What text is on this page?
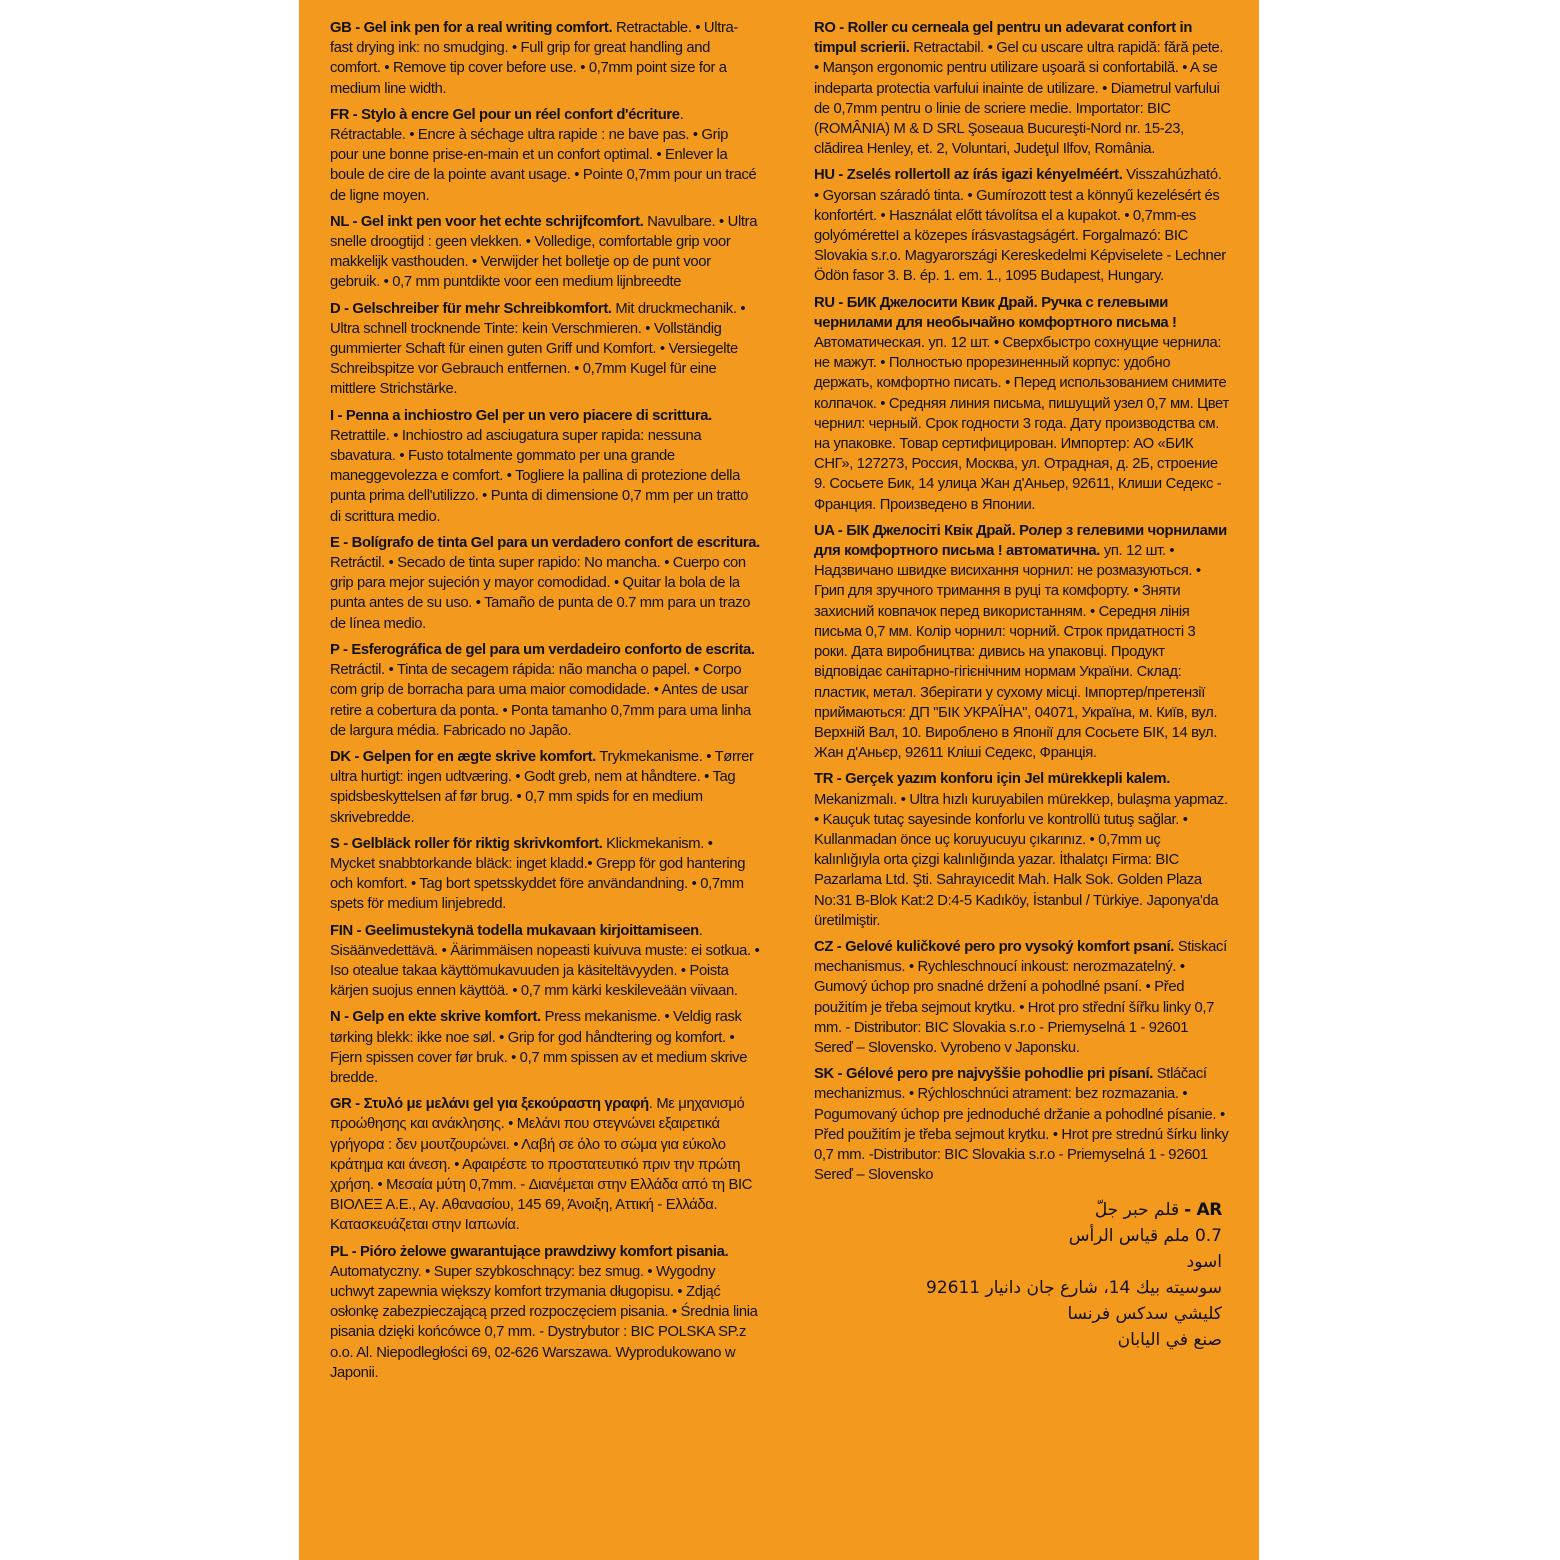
GB - Gel ink pen for a real writing comfort. Retractable. • Ultra-fast drying ink: no smudging. • Full grip for great handling and comfort. • Remove tip cover before use. • 0,7mm point size for a medium line width.

FR - Stylo à encre Gel pour un réel confort d'écriture. Rétractable. • Encre à séchage ultra rapide : ne bave pas. • Grip pour une bonne prise-en-main et un confort optimal. • Enlever la boule de cire de la pointe avant usage. • Pointe 0,7mm pour un tracé de ligne moyen.

NL - Gel inkt pen voor het echte schrijfcomfort. Navulbare. • Ultra snelle droogtijd : geen vlekken. • Volledige, comfortable grip voor makkelijk vasthouden. • Verwijder het bolletje op de punt voor gebruik. • 0,7 mm puntdikte voor een medium lijnbreedte

D - Gelschreiber für mehr Schreibkomfort. Mit druckmechanik. • Ultra schnell trocknende Tinte: kein Verschmieren. • Vollständig gummierter Schaft für einen guten Griff und Komfort. • Versiegelte Schreibspitze vor Gebrauch entfernen. • 0,7mm Kugel für eine mittlere Strichstärke.

I - Penna a inchiostro Gel per un vero piacere di scrittura. Retrattile. • Inchiostro ad asciugatura super rapida: nessuna sbavatura. • Fusto totalmente gommato per una grande maneggevolezza e comfort. • Togliere la pallina di protezione della punta prima dell'utilizzo. • Punta di dimensione 0,7 mm per un tratto di scrittura medio.

E - Bolígrafo de tinta Gel para un verdadero confort de escritura. Retráctil. • Secado de tinta super rapido: No mancha. • Cuerpo con grip para mejor sujeción y mayor comodidad. • Quitar la bola de la punta antes de su uso. • Tamaño de punta de 0.7 mm para un trazo de línea medio.

P - Esferográfica de gel para um verdadeiro conforto de escrita. Retráctil. • Tinta de secagem rápida: não mancha o papel. • Corpo com grip de borracha para uma maior comodidade. • Antes de usar retire a cobertura da ponta. • Ponta tamanho 0,7mm para uma linha de largura média. Fabricado no Japão.

DK - Gelpen for en ægte skrive komfort. Trykmekanisme. • Tørrer ultra hurtigt: ingen udtværing. • Godt greb, nem at håndtere. • Tag spidsbeskyttelsen af før brug. • 0,7 mm spids for en medium skrivebredde.

S - Gelbläck roller för riktig skrivkomfort. Klickmekanism. • Mycket snabbtorkande bläck: inget kladd.• Grepp för god hantering och komfort. • Tag bort spetsskyddet före användandning. • 0,7mm spets för medium linjebredd.

FIN - Geelimustekynä todella mukavaan kirjoittamiseen. Sisäänvedettävä. • Äärimmäisen nopeasti kuivuva muste: ei sotkua. • Iso otealue takaa käyttömukavuuden ja käsiteltävyyden. • Poista kärjen suojus ennen käyttöä. • 0,7 mm kärki keskileveään viivaan.

N - Gelp en ekte skrive komfort. Press mekanisme. • Veldig rask tørking blekk: ikke noe søl. • Grip for god håndtering og komfort. • Fjern spissen cover før bruk. • 0,7 mm spissen av et medium skrive bredde.

GR - Στυλό με μελάνι gel για ξεκούραστη γραφή. Με μηχανισμό προώθησης και ανάκλησης. • Μελάνι που στεγνώνει εξαιρετικά γρήγορα : δεν μουτζουρώνει. • Λαβή σε όλο το σώμα για εύκολο κράτημα και άνεση. • Αφαιρέστε το προστατευτικό πριν την πρώτη χρήση. • Μεσαία μύτη 0,7mm. - Διανέμεται στην Ελλάδα από τη BIC ΒΙΟΛΕΞ Α.Ε., Αγ. Αθανασίου, 145 69, Άνοιξη, Αττική - Ελλάδα. Κατασκευάζεται στην Ιαπωνία.

PL - Pióro żelowe gwarantujące prawdziwy komfort pisania. Automatyczny. • Super szybkoschnący: bez smug. • Wygodny uchwyt zapewnia większy komfort trzymania długopisu. • Zdjąć osłonkę zabezpieczającą przed rozpoczęciem pisania. • Średnia linia pisania dzięki końcówce 0,7 mm. - Dystrybutor : BIC POLSKA SP.z o.o. Al. Niepodległości 69, 02-626 Warszawa. Wyprodukowano w Japonii.

RO - Roller cu cerneala gel pentru un adevarat confort in timpul scrierii. Retractabil. • Gel cu uscare ultra rapidă: fără pete. • Manşon ergonomic pentru utilizare uşoară si confortabilă. • A se indeparta protectia varfului inainte de utilizare. • Diametrul varfului de 0,7mm pentru o linie de scriere medie. Importator: BIC (ROMÂNIA) M & D SRL Şoseaua Bucureşti-Nord nr. 15-23, clădirea Henley, et. 2, Voluntari, Judeţul Ilfov, România.

HU - Zselés rollertoll az írás igazi kényelméért. Visszahúzható. • Gyorsan száradó tinta. • Gumírozott test a könnyű kezelésért és konfortért. • Használat előtt távolítsa el a kupakot. • 0,7mm-es golyóméretteI a közepes írásvastagságért. Forgalmazó: BIC Slovakia s.r.o. Magyarországi Kereskedelmi Képviselete - Lechner Ödön fasor 3. B. ép. 1. em. 1., 1095 Budapest, Hungary.

RU - БИК Джелосити Квик Драй. Ручка с гелевыми чернилами для необычайно комфортного письма ! Автоматическая. уп. 12 шт. • Сверхбыстро сохнущие чернила: не мажут. • Полностью прорезиненный корпус: удобно держать, комфортно писать. • Перед использованием снимите колпачок. • Средняя линия письма, пишущий узел 0,7 мм. Цвет чернил: черный. Срок годности 3 года. Дату производства см. на упаковке. Товар сертифицирован. Импортер: АО «БИК СНГ», 127273, Россия, Москва, ул. Отрадная, д. 2Б, строение 9. Сосьете Бик, 14 улица Жан д'Аньер, 92611, Клиши Седекс - Франция. Произведено в Японии.

UA - БІК Джелосіті Квік Драй. Ролер з гелевими чорнилами для комфортного письма ! автоматична. уп. 12 шт. • Надзвичано швидке висихання чорнил: не розмазуються. • Грип для зручного тримання в руці та комфорту. • Зняти захисний ковпачок перед використанням. • Середня лінія письма 0,7 мм. Колір чорнил: чорний. Строк придатності 3 роки. Дата виробництва: дивись на упаковці. Продукт відповідає санітарно-гігієнічним нормам України. Склад: пластик, метал. Зберігати у сухому місці. Імпортер/претензії приймаються: ДП "БІК УКРАЇНА", 04071, Україна, м. Київ, вул. Верхній Вал, 10. Вироблено в Японії для Сосьете БІК, 14 вул. Жан д'Аньєр, 92611 Кліші Седекс, Франція.

TR - Gerçek yazım konforu için Jel mürekkepli kalem. Mekanizmalı. • Ultra hızlı kuruyabilen mürekkep, bulaşma yapmaz. • Kauçuk tutaç sayesinde konforlu ve kontrollü tutuş sağlar. • Kullanmadan önce uç koruyucuyu çıkarınız. • 0,7mm uç kalınlığıyla orta çizgi kalınlığında yazar. İthalatçı Firma: BIC Pazarlama Ltd. Şti. Sahrayıcedit Mah. Halk Sok. Golden Plaza No:31 B-Blok Kat:2 D:4-5 Kadıköy, İstanbul / Türkiye. Japonya'da üretilmiştir.

CZ - Gelové kuličkové pero pro vysoký komfort psaní. Stiskací mechanismus. • Rychleschnoucí inkoust: nerozmazatelný. • Gumový úchop pro snadné držení a pohodlné psaní. • Před použitím je třeba sejmout krytku. • Hrot pro střední šířku linky 0,7 mm. - Distributor: BIC Slovakia s.r.o - Priemyselná 1 - 92601 Sereď – Slovensko. Vyrobeno v Japonsku.

SK - Gélové pero pre najvyššie pohodlie pri písaní. Stláčací mechanizmus. • Rýchloschnúci atrament: bez rozmazania. • Pogumovaný úchop pre jednoduché držanie a pohodlné písanie. • Před použitím je třeba sejmout krytku. • Hrot pre strednú šírku linky 0,7 mm. -Distributor: BIC Slovakia s.r.o - Priemyselná 1 - 92601 Sereď – Slovensko

AR - قلم حبر جلّ
0.7 ملم قياس الرأس
اسود
سوسيته بيك 14، شارع جان دانيار 92611
كليشي سدكس فرنسا
صنع في اليابان
